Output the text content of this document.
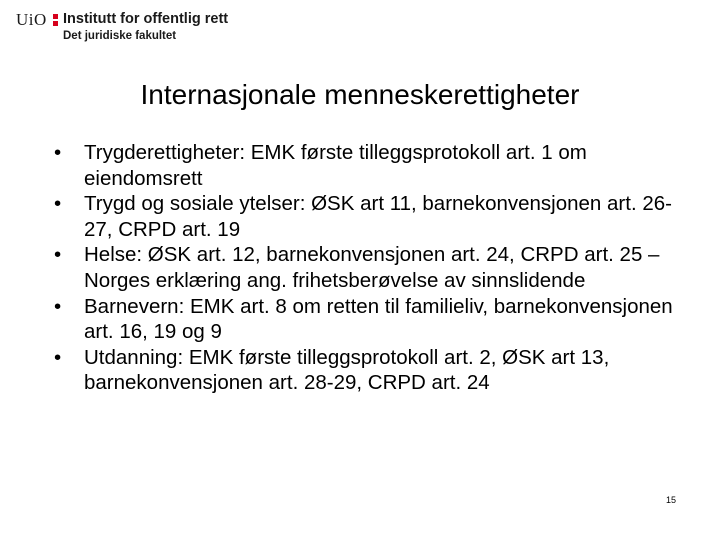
UiO Institutt for offentlig rett
Det juridiske fakultet
Internasjonale menneskerettigheter
• Trygderettigheter: EMK første tilleggsprotokoll art. 1 om eiendomsrett
• Trygd og sosiale ytelser: ØSK art 11, barnekonvensjonen art. 26-27, CRPD art. 19
• Helse: ØSK art. 12, barnekonvensjonen art. 24, CRPD art. 25 – Norges erklæring ang. frihetsberøvelse av sinnslidende
• Barnevern: EMK art. 8 om retten til familieliv, barnekonvensjonen art. 16, 19 og 9
• Utdanning: EMK første tilleggsprotokoll art. 2, ØSK art 13, barnekonvensjonen art. 28-29, CRPD art. 24
15
